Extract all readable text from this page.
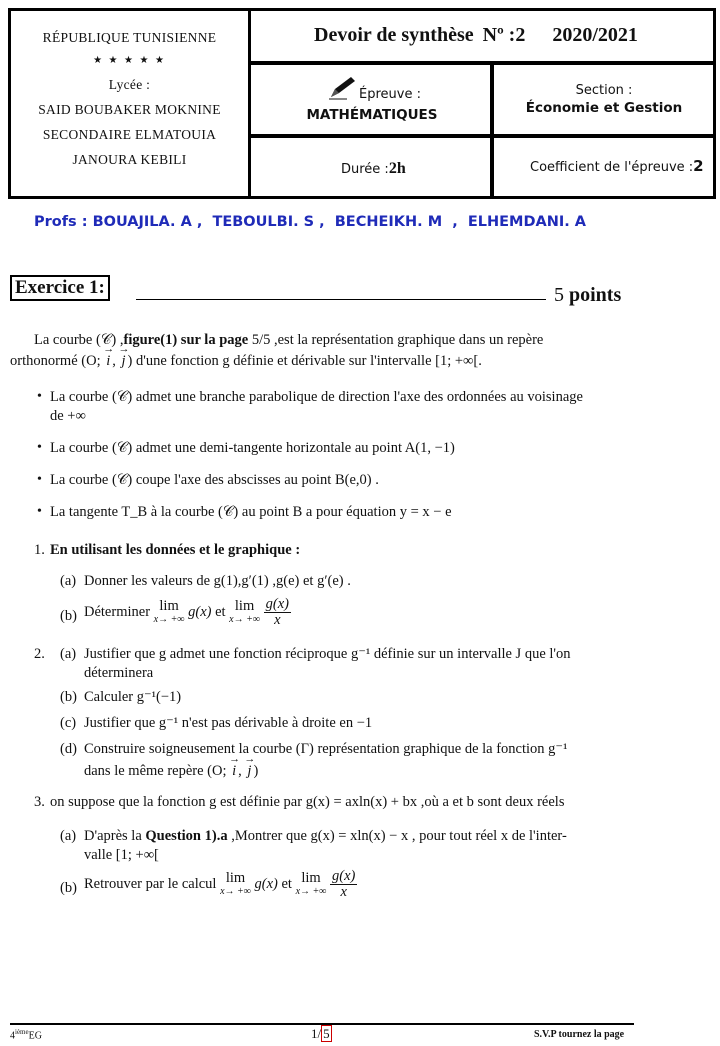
RÉPUBLIQUE TUNISIENNE
★ ★ ★ ★ ★
Lycée :
SAID BOUBAKER MOKNINE
SECONDAIRE ELMATOUIA
JANOURA KEBILI
Devoir de synthèse Nº :2 2020/2021
Épreuve :
MATHÉMATIQUES
Section :
Économie et Gestion
Durée :2h	Coefficient de l'épreuve :2
Profs : BOUAJILA. A ,  TEBOULBI. S ,  BECHEIKH. M  ,  ELHEMDANI. A
Exercice 1:	5 points
La courbe (𝒞) ,figure(1) sur la page 5/5 ,est la représentation graphique dans un repère
orthonormé (O; → i , → j ) d'une fonction g définie et dérivable sur l'intervalle [1; +∞[.
• La courbe (𝒞) admet une branche parabolique de direction l'axe des ordonnées au voisinage
de +∞
• La courbe (𝒞) admet une demi-tangente horizontale au point A(1, −1)
• La courbe (𝒞) coupe l'axe des abscisses au point B(e,0) .
• La tangente T_B à la courbe (𝒞) au point B a pour équation y = x − e
1. En utilisant les données et le graphique :
(a) Donner les valeurs de g(1),g′(1) ,g(e) et g′(e) .
(b) Déterminer lim
x→ +∞ g(x) et lim
x→ +∞
$\frac{g(x)}{x}$
2. (a) Justifier que g admet une fonction réciproque g⁻¹ définie sur un intervalle J que l'on
déterminera
(b) Calculer g⁻¹(−1)
(c) Justifier que g⁻¹ n'est pas dérivable à droite en −1
(d) Construire soigneusement la courbe (Γ) représentation graphique de la fonction g⁻¹
dans le même repère (O; → i , → j )
3. on suppose que la fonction g est définie par g(x) = axln(x) + bx ,où a et b sont deux réels
(a) D'après la Question 1).a ,Montrer que g(x) = xln(x) − x , pour tout réel x de l'inter-
valle [1; +∞[
(b) Retrouver par le calcul lim
x→ +∞ g(x) et lim
x→ +∞
$\frac{g(x)}{x}$
4ièmeEG	1/ 5	S.V.P tournez la page
